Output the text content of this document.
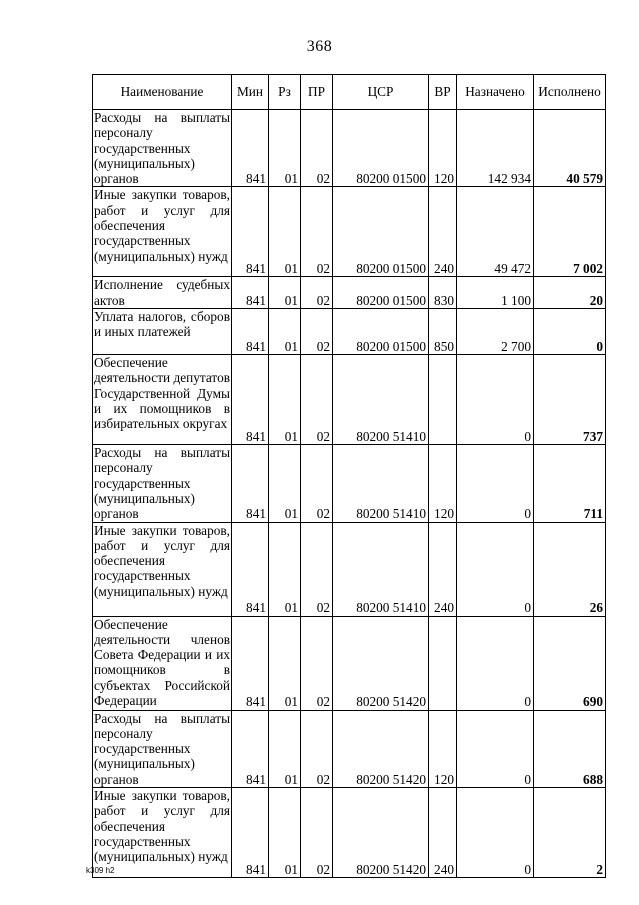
368
Наименование	Мин	Рз	ПР	ЦСР	ВР	Назначено	Исполнено
Расходы на выплаты персоналу государственных (муниципальных) органов	841	01	02	80200 01500	120	142 934	40 579
Иные закупки товаров, работ и услуг для обеспечения государственных (муниципальных) нужд	841	01	02	80200 01500	240	49 472	7 002
Исполнение судебных актов	841	01	02	80200 01500	830	1 100	20
Уплата налогов, сборов и иных платежей	841	01	02	80200 01500	850	2 700	0
Обеспечение деятельности депутатов Государственной Думы и их помощников в избирательных округах	841	01	02	80200 51410		0	737
Расходы на выплаты персоналу государственных (муниципальных) органов	841	01	02	80200 51410	120	0	711
Иные закупки товаров, работ и услуг для обеспечения государственных (муниципальных) нужд	841	01	02	80200 51410	240	0	26
Обеспечение деятельности членов Совета Федерации и их помощников в субъектах Российской Федерации	841	01	02	80200 51420		0	690
Расходы на выплаты персоналу государственных (муниципальных) органов	841	01	02	80200 51420	120	0	688
Иные закупки товаров, работ и услуг для обеспечения государственных (муниципальных) нужд	841	01	02	80200 51420	240	0	2
k309 h2
